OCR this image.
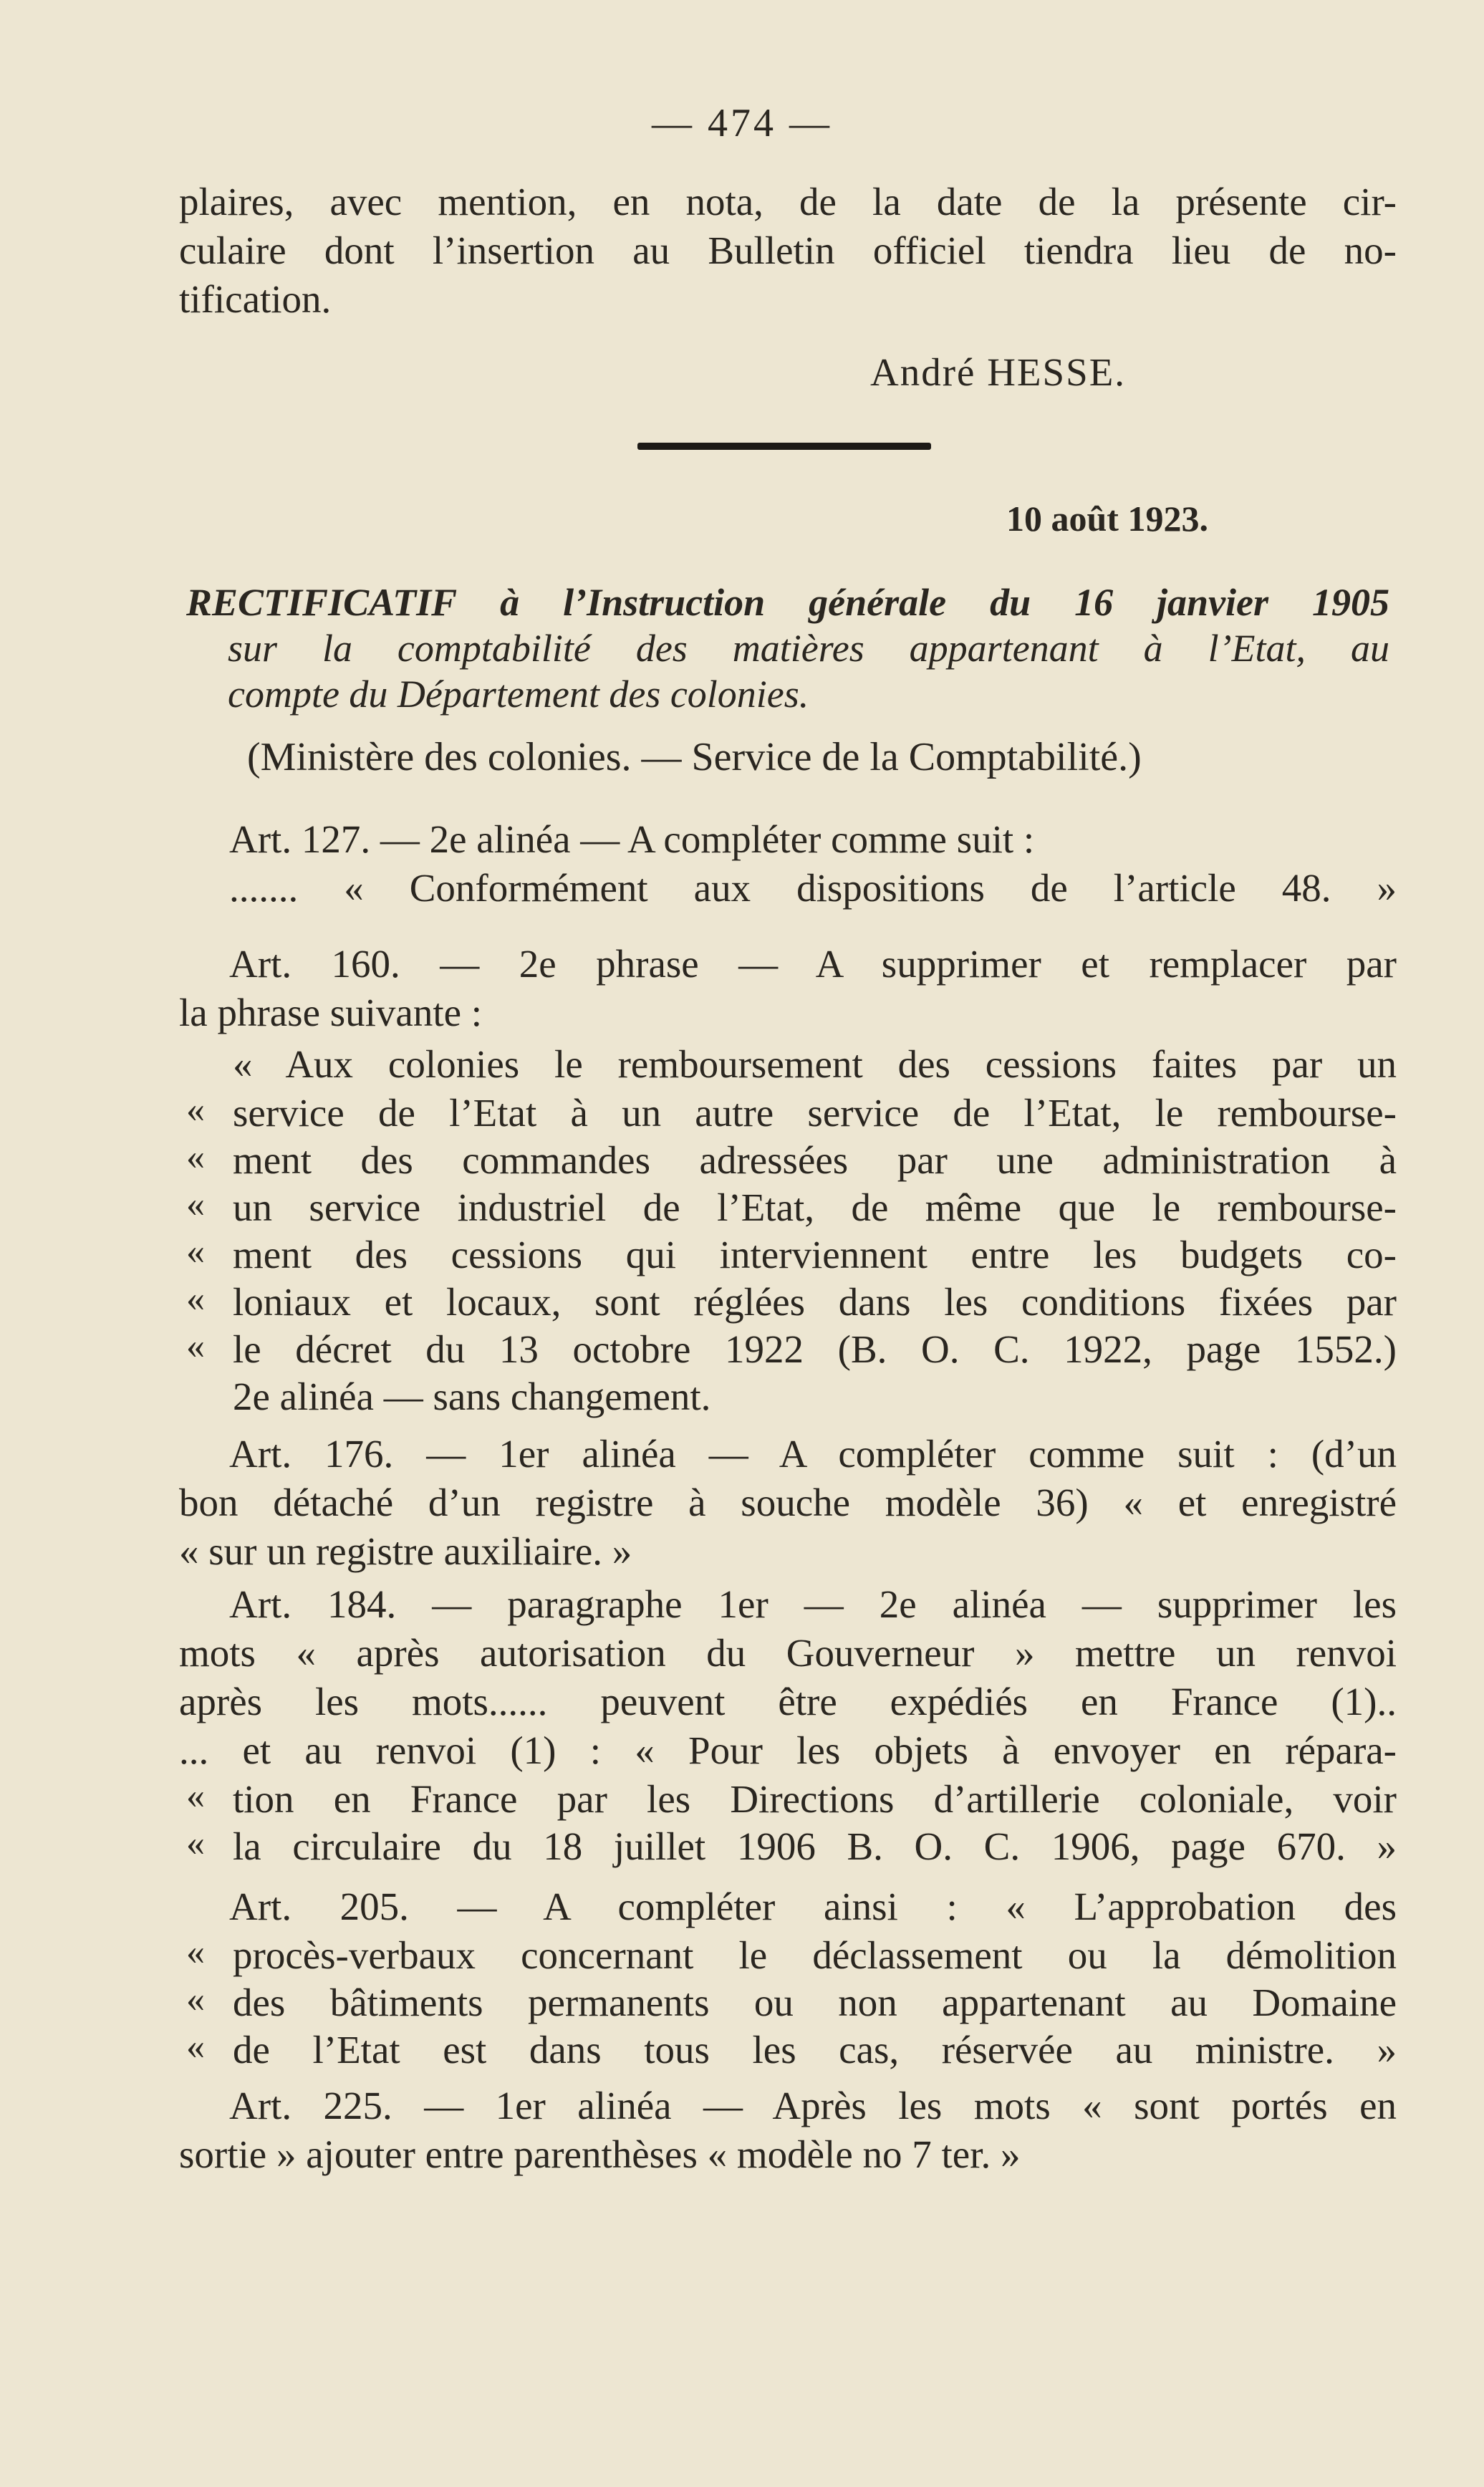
— 474 —
plaires, avec mention, en nota, de la date de la présente cir-
culaire dont l’insertion au Bulletin officiel tiendra lieu de no-
tification.
André HESSE.
10 août 1923.
RECTIFICATIF à l’Instruction générale du 16 janvier 1905
sur la comptabilité des matières appartenant à l’Etat, au
compte du Département des colonies.
(Ministère des colonies. — Service de la Comptabilité.)
Art. 127. — 2e alinéa — A compléter comme suit :
....... « Conformément aux dispositions de l’article 48. »
Art. 160. — 2e phrase — A supprimer et remplacer par
la phrase suivante :
« Aux colonies le remboursement des cessions faites par un
« service de l’Etat à un autre service de l’Etat, le rembourse-
« ment des commandes adressées par une administration à
« un service industriel de l’Etat, de même que le rembourse-
« ment des cessions qui interviennent entre les budgets co-
« loniaux et locaux, sont réglées dans les conditions fixées par
« le décret du 13 octobre 1922 (B. O. C. 1922, page 1552.)
2e alinéa — sans changement.
Art. 176. — 1er alinéa — A compléter comme suit : (d’un
bon détaché d’un registre à souche modèle 36) « et enregistré
« sur un registre auxiliaire. »
Art. 184. — paragraphe 1er — 2e alinéa — supprimer les
mots « après autorisation du Gouverneur » mettre un renvoi
après les mots...... peuvent être expédiés en France (1)..
... et au renvoi (1) : « Pour les objets à envoyer en répara-
« tion en France par les Directions d’artillerie coloniale, voir
« la circulaire du 18 juillet 1906 B. O. C. 1906, page 670. »
Art. 205. — A compléter ainsi : « L’approbation des
« procès-verbaux concernant le déclassement ou la démolition
« des bâtiments permanents ou non appartenant au Domaine
« de l’Etat est dans tous les cas, réservée au ministre. »
Art. 225. — 1er alinéa — Après les mots « sont portés en
sortie » ajouter entre parenthèses « modèle no 7 ter. »
